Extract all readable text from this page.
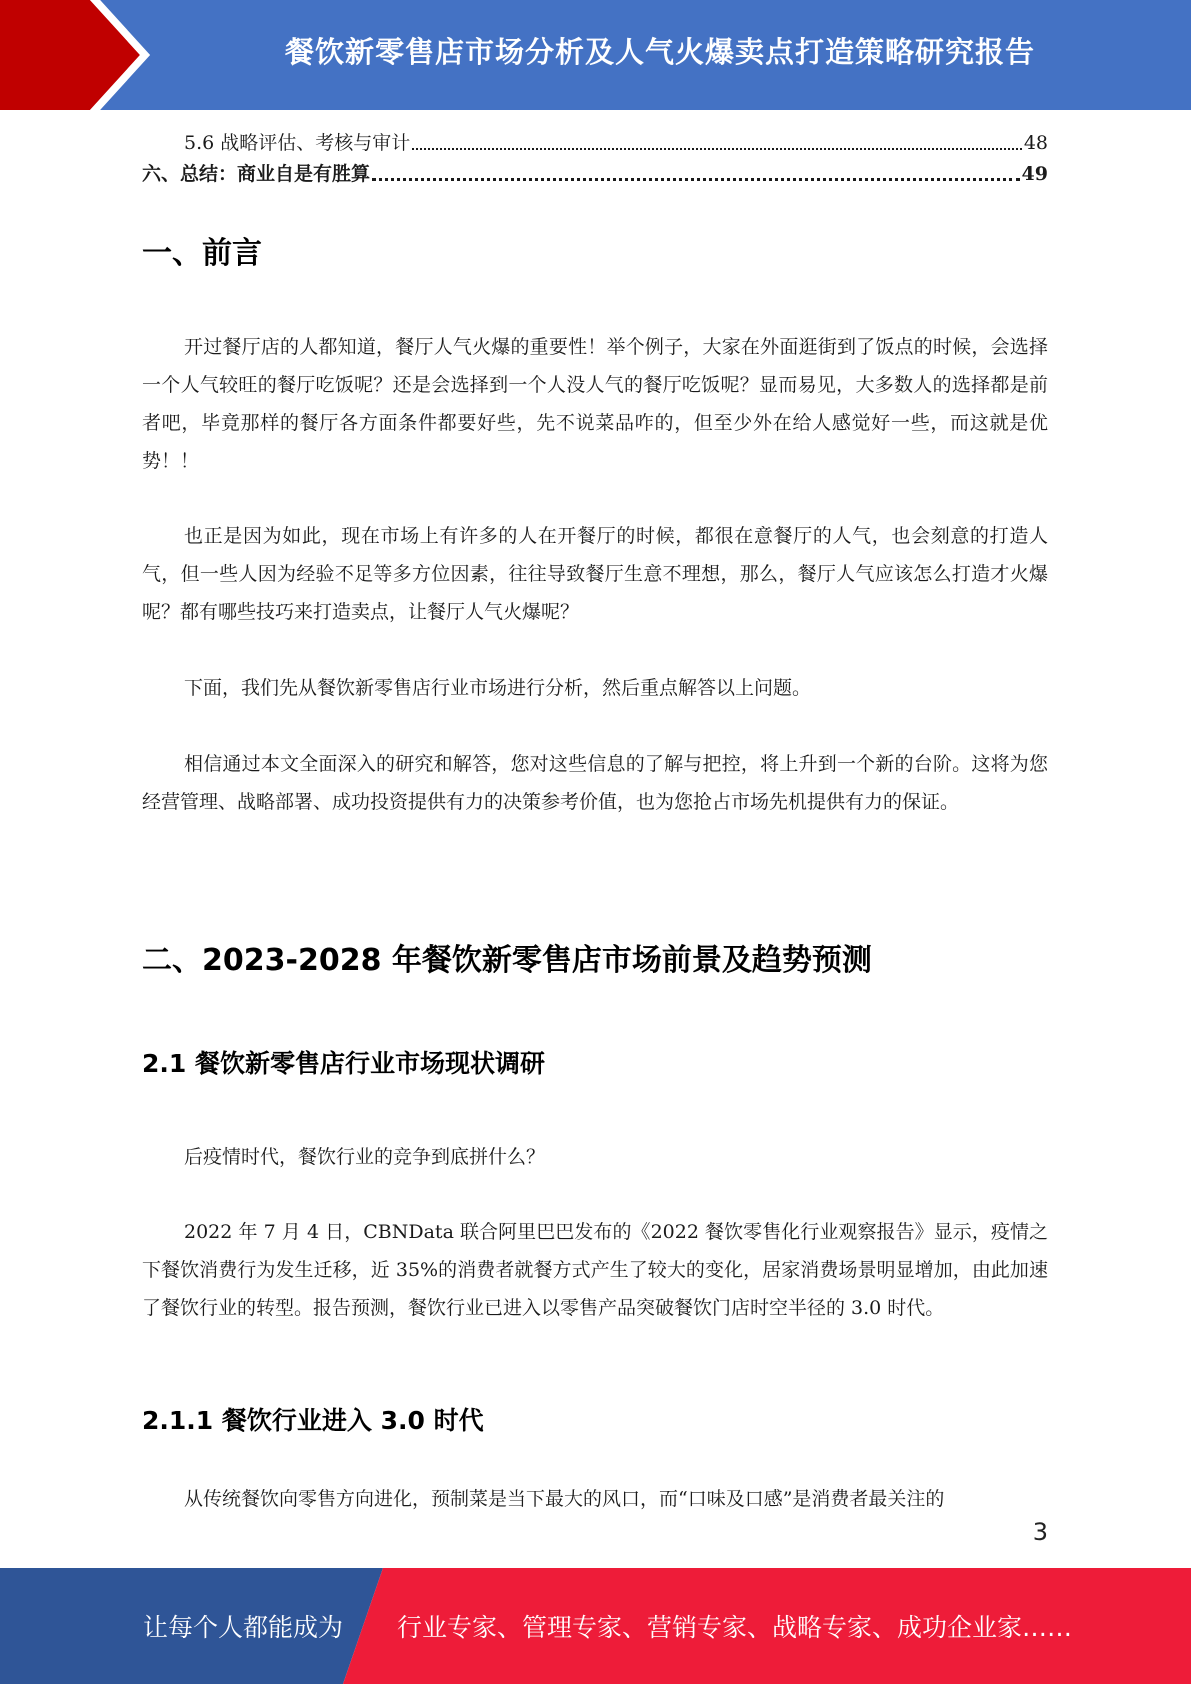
餐饮新零售店市场分析及人气火爆卖点打造策略研究报告
5.6 战略评估、考核与审计	48
六、总结：商业自是有胜算	49
一、前言

开过餐厅店的人都知道，餐厅人气火爆的重要性！举个例子，大家在外面逛街到了饭点的时候，会选择一个人气较旺的餐厅吃饭呢？还是会选择到一个人没人气的餐厅吃饭呢？显而易见，大多数人的选择都是前者吧，毕竟那样的餐厅各方面条件都要好些，先不说菜品咋的，但至少外在给人感觉好一些，而这就是优势！！

也正是因为如此，现在市场上有许多的人在开餐厅的时候，都很在意餐厅的人气，也会刻意的打造人气，但一些人因为经验不足等多方位因素，往往导致餐厅生意不理想，那么，餐厅人气应该怎么打造才火爆呢？都有哪些技巧来打造卖点，让餐厅人气火爆呢？

下面，我们先从餐饮新零售店行业市场进行分析，然后重点解答以上问题。

相信通过本文全面深入的研究和解答，您对这些信息的了解与把控，将上升到一个新的台阶。这将为您经营管理、战略部署、成功投资提供有力的决策参考价值，也为您抢占市场先机提供有力的保证。

二、2023-2028 年餐饮新零售店市场前景及趋势预测
2.1 餐饮新零售店行业市场现状调研

后疫情时代，餐饮行业的竞争到底拼什么？

2022 年 7 月 4 日，CBNData 联合阿里巴巴发布的《2022 餐饮零售化行业观察报告》显示，疫情之下餐饮消费行为发生迁移，近 35%的消费者就餐方式产生了较大的变化，居家消费场景明显增加，由此加速了餐饮行业的转型。报告预测，餐饮行业已进入以零售产品突破餐饮门店时空半径的 3.0 时代。

2.1.1 餐饮行业进入 3.0 时代

从传统餐饮向零售方向进化，预制菜是当下最大的风口，而“口味及口感”是消费者最关注的

3
让每个人都能成为 行业专家、管理专家、营销专家、战略专家、成功企业家……
